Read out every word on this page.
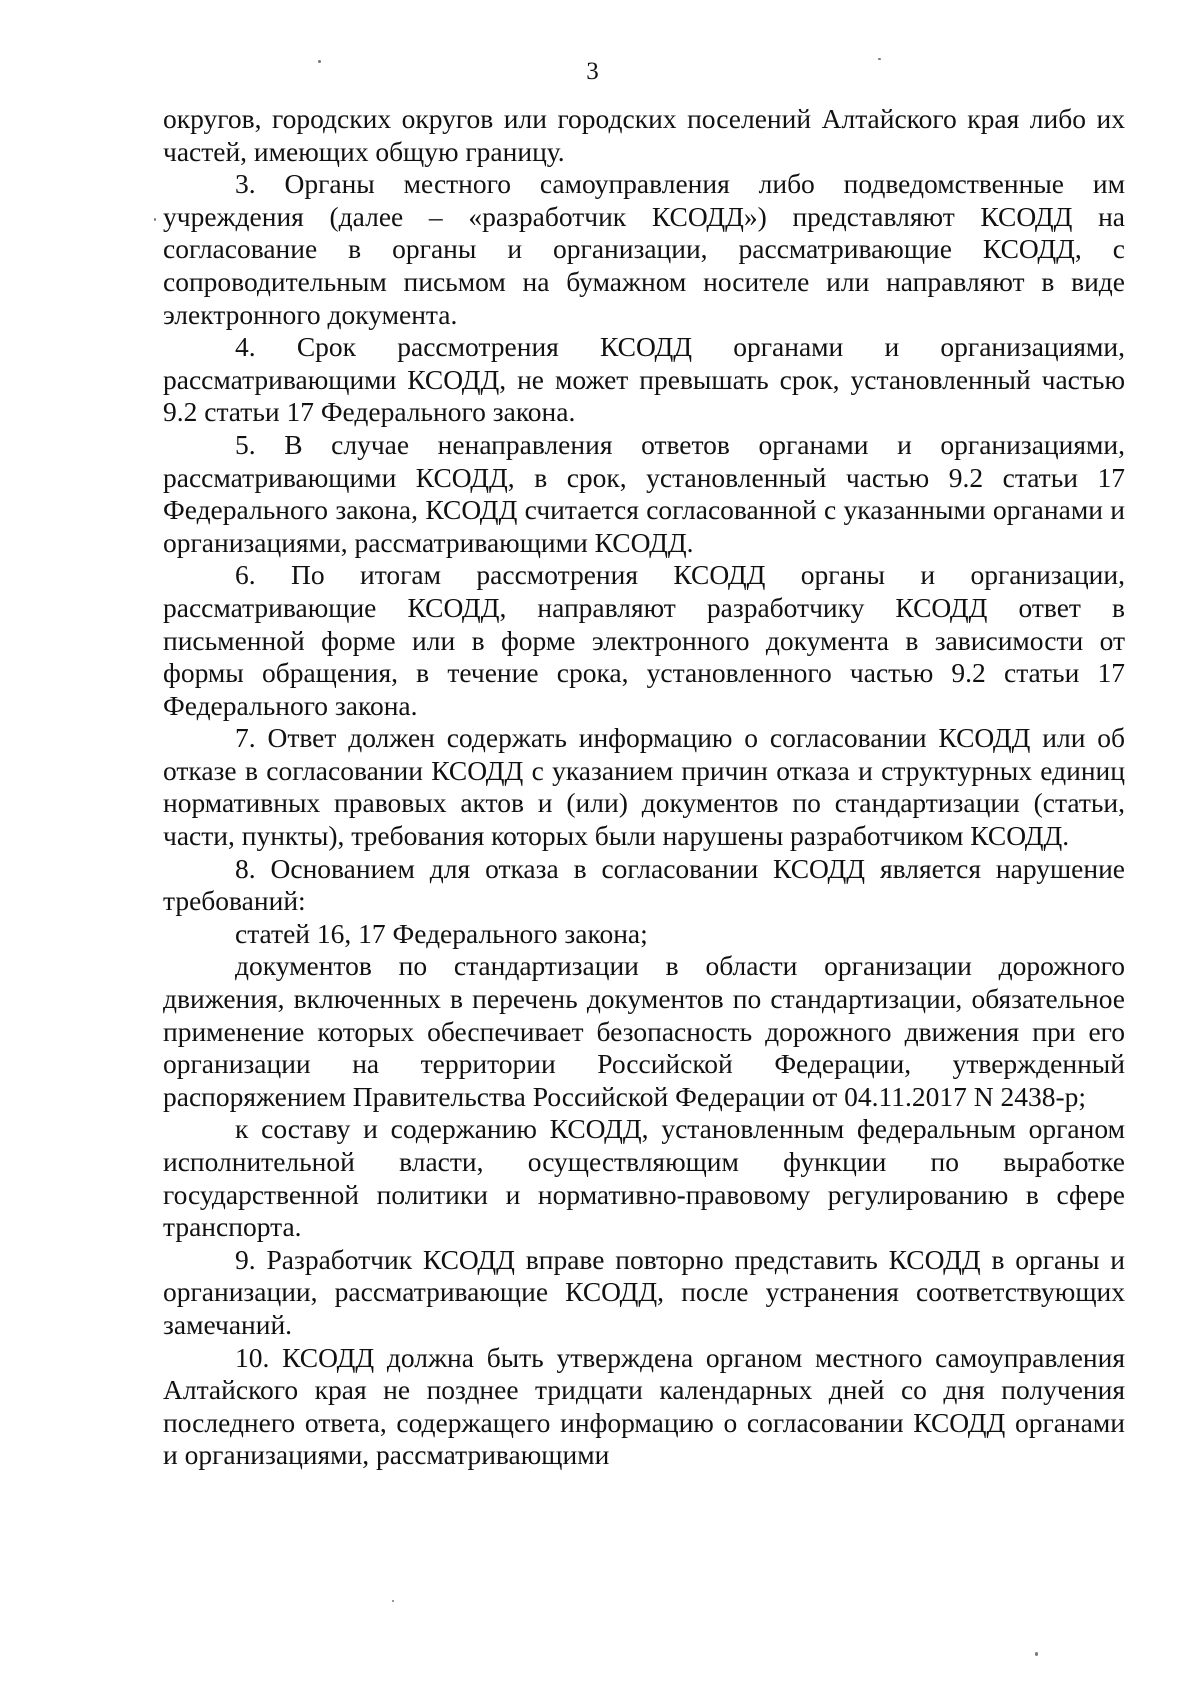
3

округов, городских округов или городских поселений Алтайского края либо их частей, имеющих общую границу.

3. Органы местного самоуправления либо подведомственные им учреждения (далее – «разработчик КСОДД») представляют КСОДД на согласование в органы и организации, рассматривающие КСОДД, с сопроводительным письмом на бумажном носителе или направляют в виде электронного документа.

4. Срок рассмотрения КСОДД органами и организациями, рассматривающими КСОДД, не может превышать срок, установленный частью 9.2 статьи 17 Федерального закона.

5. В случае ненаправления ответов органами и организациями, рассматривающими КСОДД, в срок, установленный частью 9.2 статьи 17 Федерального закона, КСОДД считается согласованной с указанными органами и организациями, рассматривающими КСОДД.

6. По итогам рассмотрения КСОДД органы и организации, рассматривающие КСОДД, направляют разработчику КСОДД ответ в письменной форме или в форме электронного документа в зависимости от формы обращения, в течение срока, установленного частью 9.2 статьи 17 Федерального закона.

7. Ответ должен содержать информацию о согласовании КСОДД или об отказе в согласовании КСОДД с указанием причин отказа и структурных единиц нормативных правовых актов и (или) документов по стандартизации (статьи, части, пункты), требования которых были нарушены разработчиком КСОДД.

8. Основанием для отказа в согласовании КСОДД является нарушение требований:

статей 16, 17 Федерального закона;

документов по стандартизации в области организации дорожного движения, включенных в перечень документов по стандартизации, обязательное применение которых обеспечивает безопасность дорожного движения при его организации на территории Российской Федерации, утвержденный распоряжением Правительства Российской Федерации от 04.11.2017 N 2438-р;

к составу и содержанию КСОДД, установленным федеральным органом исполнительной власти, осуществляющим функции по выработке государственной политики и нормативно-правовому регулированию в сфере транспорта.

9. Разработчик КСОДД вправе повторно представить КСОДД в органы и организации, рассматривающие КСОДД, после устранения соответствующих замечаний.

10. КСОДД должна быть утверждена органом местного самоуправления Алтайского края не позднее тридцати календарных дней со дня получения последнего ответа, содержащего информацию о согласовании КСОДД органами и организациями, рассматривающими
